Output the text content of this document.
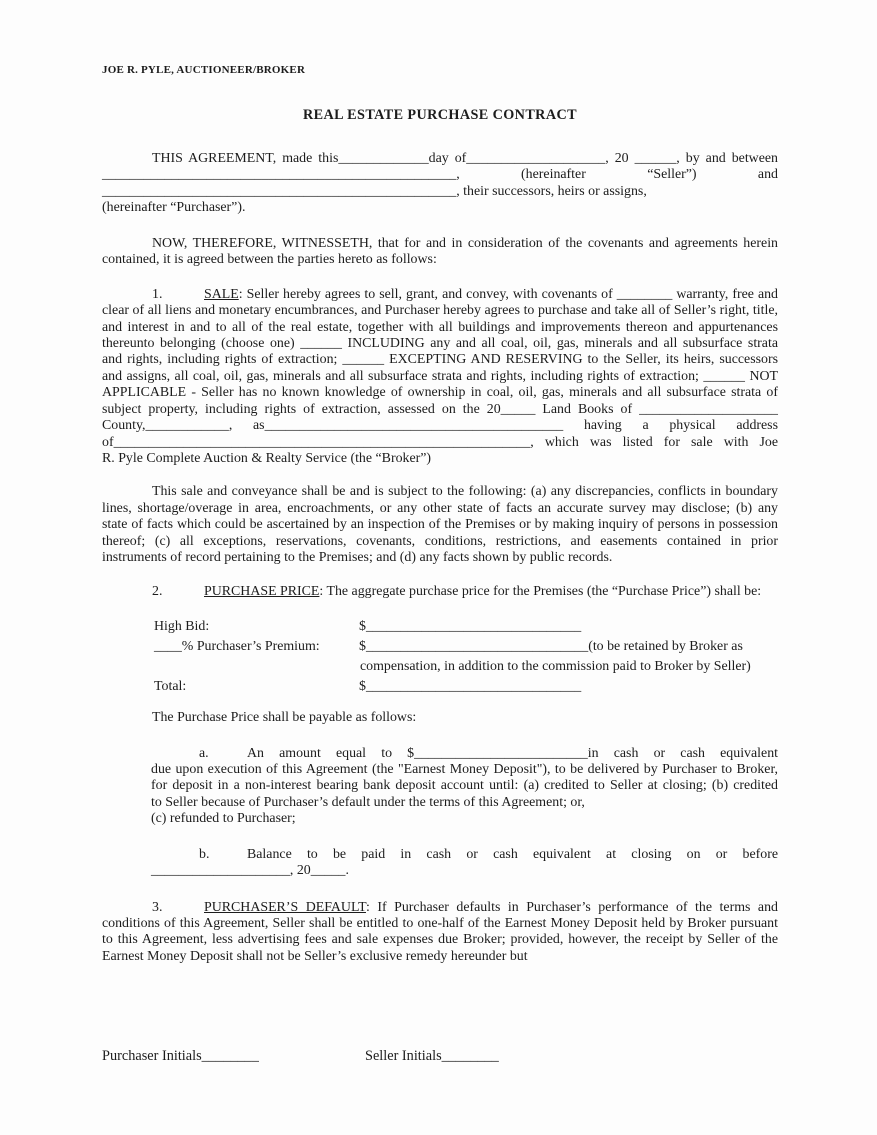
JOE R. PYLE, AUCTIONEER/BROKER
REAL ESTATE PURCHASE CONTRACT
THIS AGREEMENT, made this_____________day of____________________, 20 ______, by and between
___________________________________________________, (hereinafter “Seller”) and
___________________________________________________, their successors, heirs or assigns,
(hereinafter “Purchaser”).
NOW, THEREFORE, WITNESSETH, that for and in consideration of the covenants and agreements herein
contained, it is agreed between the parties hereto as follows:
1.	SALE: Seller hereby agrees to sell, grant, and convey, with covenants of ________ warranty, free and
clear of all liens and monetary encumbrances, and Purchaser hereby agrees to purchase and take all of Seller’s right, title,
and interest in and to all of the real estate, together with all buildings and improvements thereon and appurtenances
thereunto belonging (choose one) ______ INCLUDING any and all coal, oil, gas, minerals and all subsurface strata
and rights, including rights of extraction; ______ EXCEPTING AND RESERVING to the Seller, its heirs, successors
and assigns, all coal, oil, gas, minerals and all subsurface strata and rights, including rights of extraction; ______ NOT
APPLICABLE - Seller has no known knowledge of ownership in coal, oil, gas, minerals and all subsurface strata of
subject property, including rights of extraction, assessed on the 20_____ Land Books of ____________________
County,____________, as___________________________________________ having a physical address
of____________________________________________________________, which was listed for sale with Joe
R. Pyle Complete Auction & Realty Service (the “Broker”)
This sale and conveyance shall be and is subject to the following: (a) any discrepancies, conflicts in boundary
lines, shortage/overage in area, encroachments, or any other state of facts an accurate survey may disclose; (b) any
state of facts which could be ascertained by an inspection of the Premises or by making inquiry of persons in possession
thereof; (c) all exceptions, reservations, covenants, conditions, restrictions, and easements contained in prior
instruments of record pertaining to the Premises; and (d) any facts shown by public records.
2.	PURCHASE PRICE: The aggregate purchase price for the Premises (the “Purchase Price”) shall be:
High Bid:	$_______________________________
____% Purchaser’s Premium:	$________________________________(to be retained by Broker as
compensation, in addition to the commission paid to Broker by Seller)
Total:	$_______________________________
The Purchase Price shall be payable as follows:
a.	An amount equal to $_________________________in cash or cash equivalent
due upon execution of this Agreement (the "Earnest Money Deposit"), to be delivered by Purchaser to Broker,
for deposit in a non-interest bearing bank deposit account until: (a) credited to Seller at closing; (b) credited
to Seller because of Purchaser’s default under the terms of this Agreement; or,
(c) refunded to Purchaser;
b.	Balance to be paid in cash or cash equivalent at closing on or before
____________________, 20_____.
3.	PURCHASER’S DEFAULT: If Purchaser defaults in Purchaser’s performance of the terms and
conditions of this Agreement, Seller shall be entitled to one-half of the Earnest Money Deposit held by Broker pursuant
to this Agreement, less advertising fees and sale expenses due Broker; provided, however, the receipt by Seller of the
Earnest Money Deposit shall not be Seller’s exclusive remedy hereunder but
Purchaser Initials________	Seller Initials________
